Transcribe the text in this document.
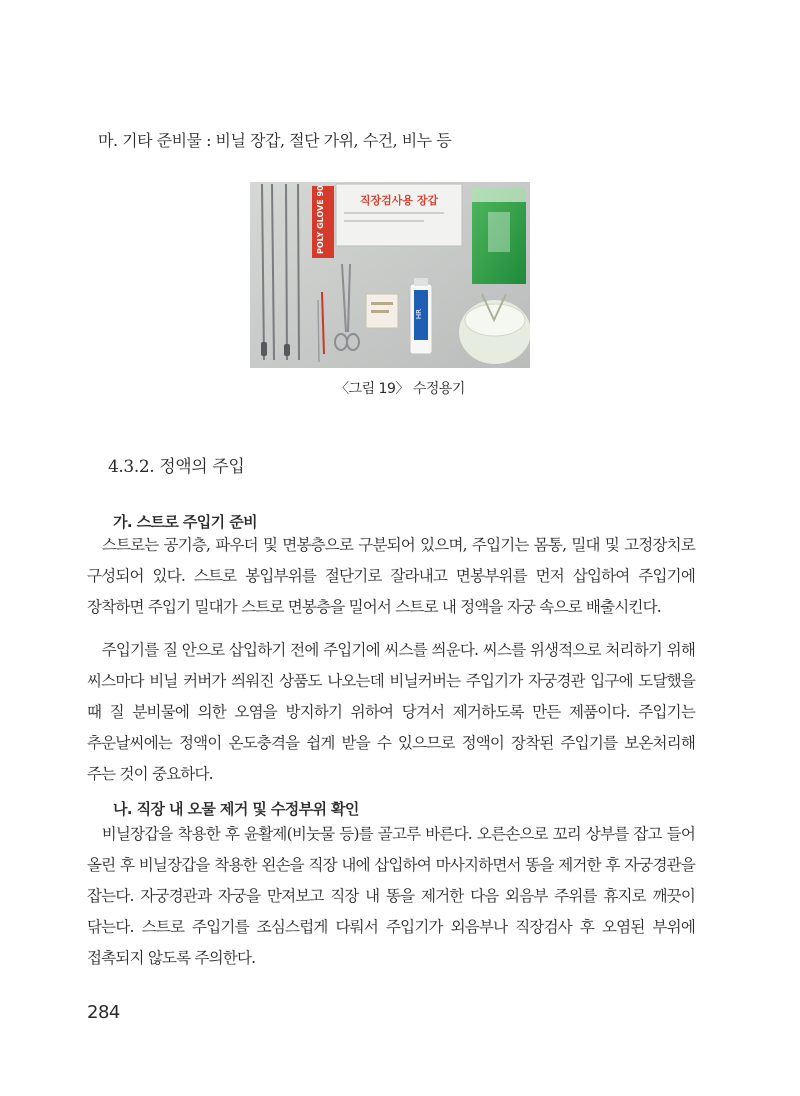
마. 기타 준비물 : 비닐 장갑, 절단 가위, 수건, 비누 등
POLY GLOVE 90	직장검사용 장갑
HR
〈그림 19〉 수정용기
4.3.2. 정액의 주입
가. 스트로 주입기 준비

 스트로는 공기층, 파우더 및 면봉층으로 구분되어 있으며, 주입기는 몸통, 밀대 및 고정장치로 구성되어 있다. 스트로 봉입부위를 절단기로 잘라내고 면봉부위를 먼저 삽입하여 주입기에 장착하면 주입기 밀대가 스트로 면봉층을 밀어서 스트로 내 정액을 자궁 속으로 배출시킨다.

 주입기를 질 안으로 삽입하기 전에 주입기에 씨스를 씌운다. 씨스를 위생적으로 처리하기 위해 씨스마다 비닐 커버가 씌워진 상품도 나오는데 비닐커버는 주입기가 자궁경관 입구에 도달했을 때 질 분비물에 의한 오염을 방지하기 위하여 당겨서 제거하도록 만든 제품이다. 주입기는 추운날씨에는 정액이 온도충격을 쉽게 받을 수 있으므로 정액이 장착된 주입기를 보온처리해 주는 것이 중요하다.

나. 직장 내 오물 제거 및 수정부위 확인

 비닐장갑을 착용한 후 윤활제(비눗물 등)를 골고루 바른다. 오른손으로 꼬리 상부를 잡고 들어 올린 후 비닐장갑을 착용한 왼손을 직장 내에 삽입하여 마사지하면서 똥을 제거한 후 자궁경관을 잡는다. 자궁경관과 자궁을 만져보고 직장 내 똥을 제거한 다음 외음부 주위를 휴지로 깨끗이 닦는다. 스트로 주입기를 조심스럽게 다뤄서 주입기가 외음부나 직장검사 후 오염된 부위에 접촉되지 않도록 주의한다.

284
